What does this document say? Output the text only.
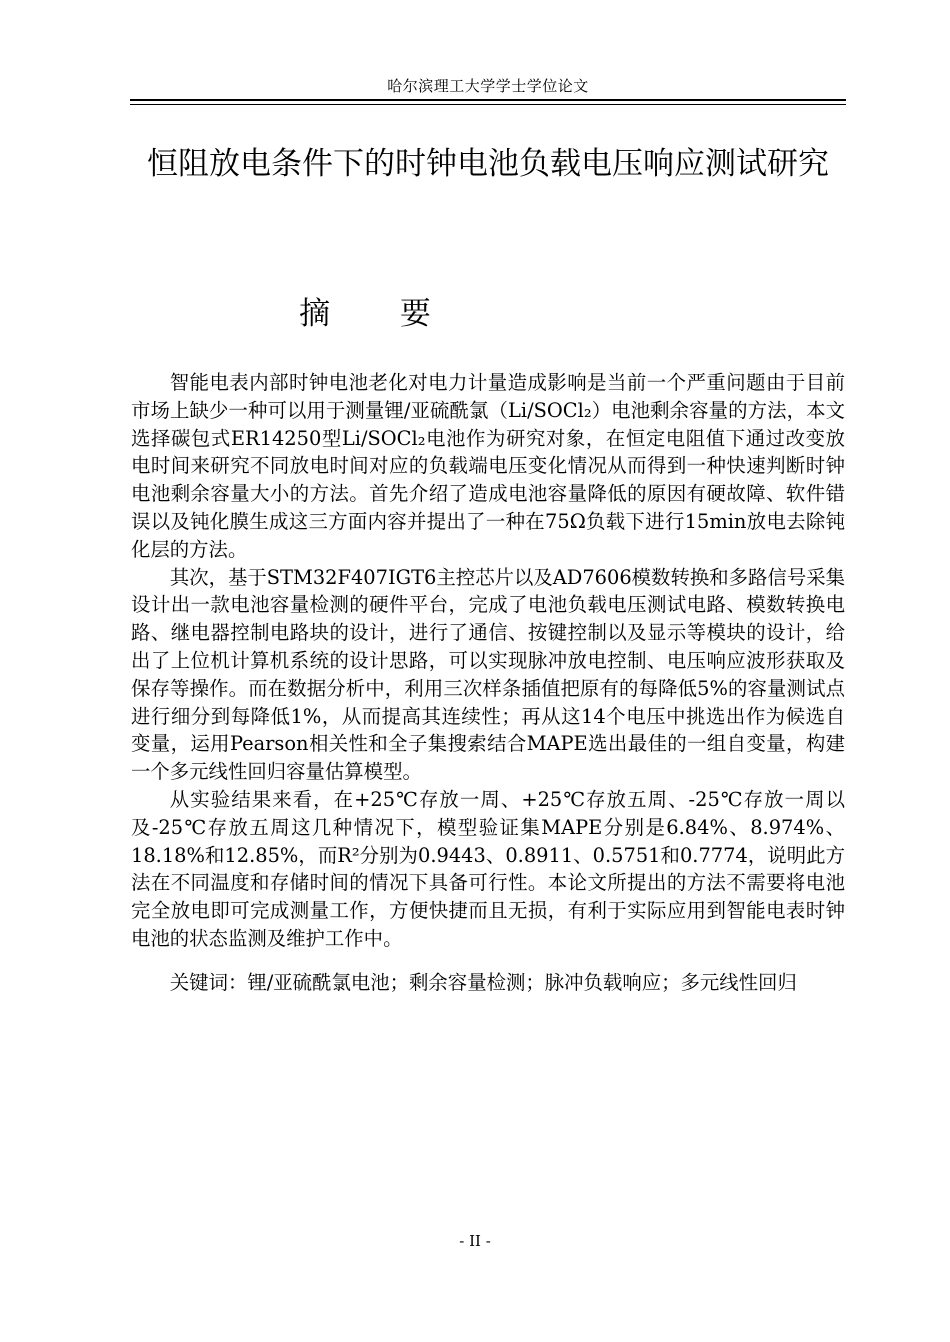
哈尔滨理工大学学士学位论文
恒阻放电条件下的时钟电池负载电压响应测试研究
摘 要

智能电表内部时钟电池老化对电力计量造成影响是当前一个严重问题由于目前市场上缺少一种可以用于测量锂/亚硫酰氯（Li/SOCl₂）电池剩余容量的方法，本文选择碳包式ER14250型Li/SOCl₂电池作为研究对象，在恒定电阻值下通过改变放电时间来研究不同放电时间对应的负载端电压变化情况从而得到一种快速判断时钟电池剩余容量大小的方法。首先介绍了造成电池容量降低的原因有硬故障、软件错误以及钝化膜生成这三方面内容并提出了一种在75Ω负载下进行15min放电去除钝化层的方法。

其次，基于STM32F407IGT6主控芯片以及AD7606模数转换和多路信号采集设计出一款电池容量检测的硬件平台，完成了电池负载电压测试电路、模数转换电路、继电器控制电路块的设计，进行了通信、按键控制以及显示等模块的设计，给出了上位机计算机系统的设计思路，可以实现脉冲放电控制、电压响应波形获取及保存等操作。而在数据分析中，利用三次样条插值把原有的每降低5%的容量测试点进行细分到每降低1%，从而提高其连续性；再从这14个电压中挑选出作为候选自变量，运用Pearson相关性和全子集搜索结合MAPE选出最佳的一组自变量，构建一个多元线性回归容量估算模型。

从实验结果来看，在+25℃存放一周、+25℃存放五周、-25℃存放一周以及-25℃存放五周这几种情况下，模型验证集MAPE分别是6.84%、8.974%、18.18%和12.85%，而R²分别为0.9443、0.8911、0.5751和0.7774，说明此方法在不同温度和存储时间的情况下具备可行性。本论文所提出的方法不需要将电池完全放电即可完成测量工作，方便快捷而且无损，有利于实际应用到智能电表时钟电池的状态监测及维护工作中。

关键词：锂/亚硫酰氯电池；剩余容量检测；脉冲负载响应；多元线性回归

- II -
